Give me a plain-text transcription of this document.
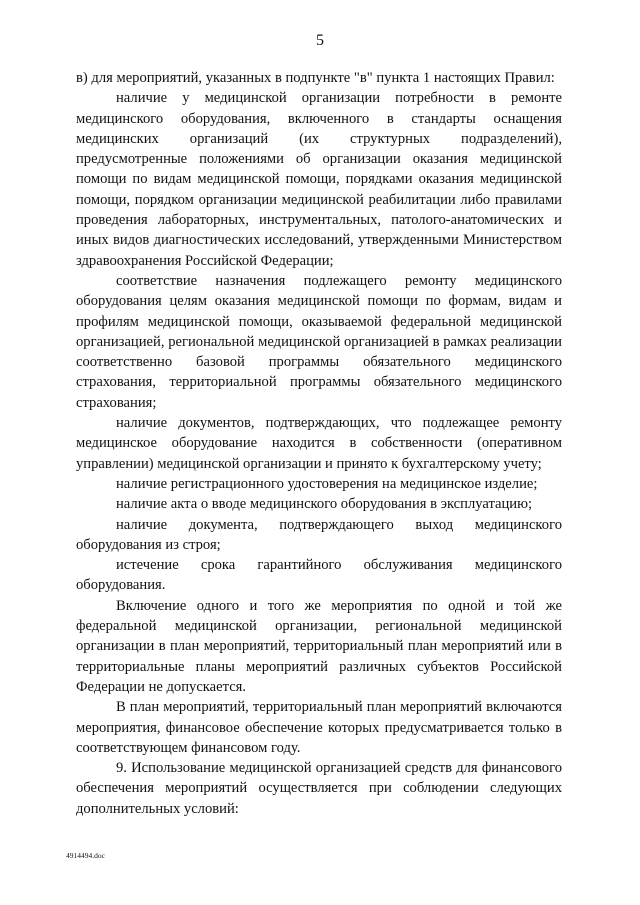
5

в) для мероприятий, указанных в подпункте "в" пункта 1 настоящих Правил:

наличие у медицинской организации потребности в ремонте медицинского оборудования, включенного в стандарты оснащения медицинских организаций (их структурных подразделений), предусмотренные положениями об организации оказания медицинской помощи по видам медицинской помощи, порядками оказания медицинской помощи, порядком организации медицинской реабилитации либо правилами проведения лабораторных, инструментальных, патолого-анатомических и иных видов диагностических исследований, утвержденными Министерством здравоохранения Российской Федерации;

соответствие назначения подлежащего ремонту медицинского оборудования целям оказания медицинской помощи по формам, видам и профилям медицинской помощи, оказываемой федеральной медицинской организацией, региональной медицинской организацией в рамках реализации соответственно базовой программы обязательного медицинского страхования, территориальной программы обязательного медицинского страхования;

наличие документов, подтверждающих, что подлежащее ремонту медицинское оборудование находится в собственности (оперативном управлении) медицинской организации и принято к бухгалтерскому учету;

наличие регистрационного удостоверения на медицинское изделие;

наличие акта о вводе медицинского оборудования в эксплуатацию;

наличие документа, подтверждающего выход медицинского оборудования из строя;

истечение срока гарантийного обслуживания медицинского оборудования.

Включение одного и того же мероприятия по одной и той же федеральной медицинской организации, региональной медицинской организации в план мероприятий, территориальный план мероприятий или в территориальные планы мероприятий различных субъектов Российской Федерации не допускается.

В план мероприятий, территориальный план мероприятий включаются мероприятия, финансовое обеспечение которых предусматривается только в соответствующем финансовом году.

9. Использование медицинской организацией средств для финансового обеспечения мероприятий осуществляется при соблюдении следующих дополнительных условий:

4914494.doc
